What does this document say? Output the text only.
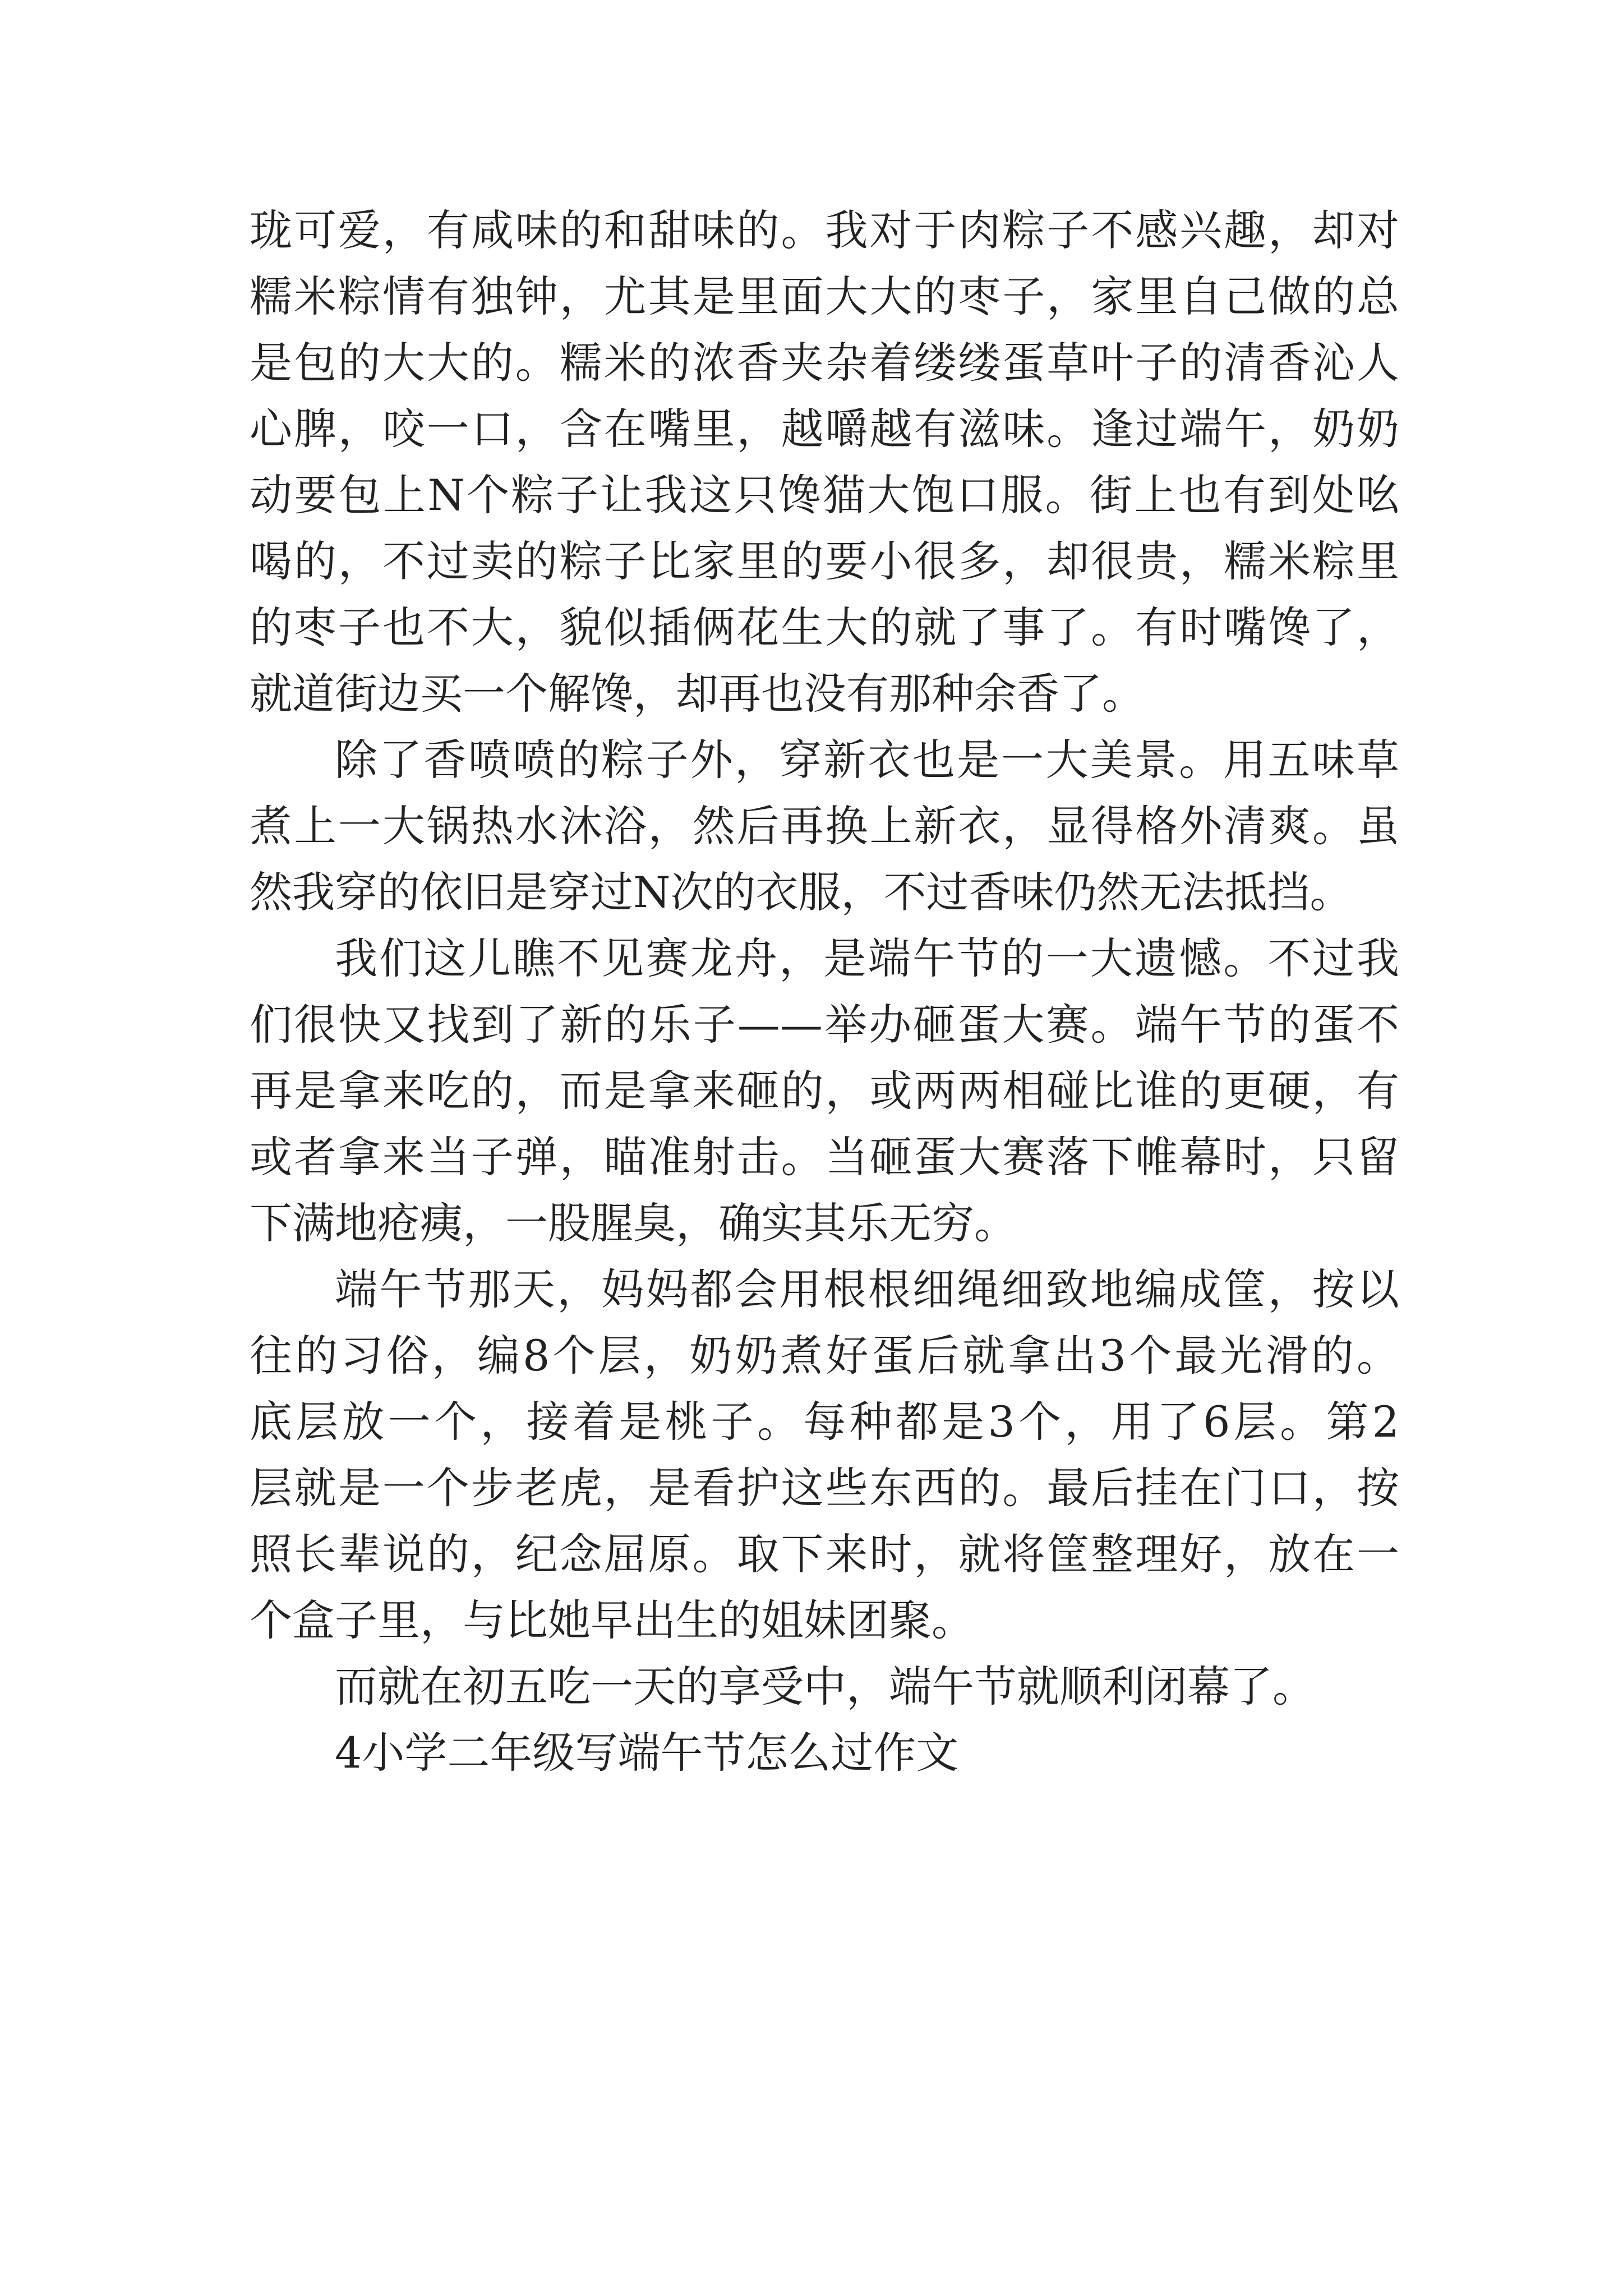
珑可爱，有咸味的和甜味的。我对于肉粽子不感兴趣，却对
糯米粽情有独钟，尤其是里面大大的枣子，家里自己做的总
是包的大大的。糯米的浓香夹杂着缕缕蛋草叶子的清香沁人
心脾，咬一口，含在嘴里，越嚼越有滋味。逢过端午，奶奶
动要包上N个粽子让我这只馋猫大饱口服。街上也有到处吆
喝的，不过卖的粽子比家里的要小很多，却很贵，糯米粽里
的枣子也不大，貌似插俩花生大的就了事了。有时嘴馋了，
就道街边买一个解馋，却再也没有那种余香了。
除了香喷喷的粽子外，穿新衣也是一大美景。用五味草
煮上一大锅热水沐浴，然后再换上新衣，显得格外清爽。虽
然我穿的依旧是穿过N次的衣服，不过香味仍然无法抵挡。
我们这儿瞧不见赛龙舟，是端午节的一大遗憾。不过我
们很快又找到了新的乐子——举办砸蛋大赛。端午节的蛋不
再是拿来吃的，而是拿来砸的，或两两相碰比谁的更硬，有
或者拿来当子弹，瞄准射击。当砸蛋大赛落下帷幕时，只留
下满地疮痍，一股腥臭，确实其乐无穷。
端午节那天，妈妈都会用根根细绳细致地编成筐，按以
往的习俗，编8个层，奶奶煮好蛋后就拿出3个最光滑的。
底层放一个，接着是桃子。每种都是3个，用了6层。第2
层就是一个步老虎，是看护这些东西的。最后挂在门口，按
照长辈说的，纪念屈原。取下来时，就将筐整理好，放在一
个盒子里，与比她早出生的姐妹团聚。
而就在初五吃一天的享受中，端午节就顺利闭幕了。
4小学二年级写端午节怎么过作文
